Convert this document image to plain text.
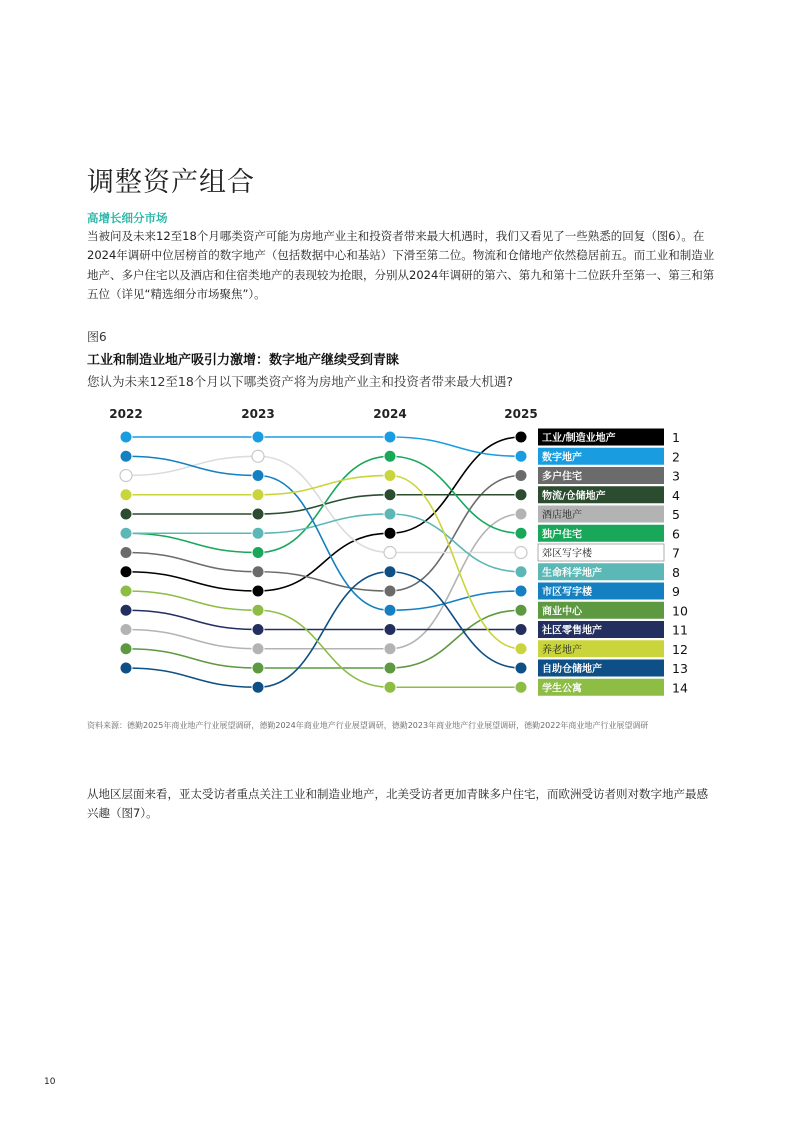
调整资产组合
高增长细分市场
当被问及未来12至18个月哪类资产可能为房地产业主和投资者带来最大机遇时，我们又看见了一些熟悉的回复（图6）。在2024年调研中位居榜首的数字地产（包括数据中心和基站）下滑至第二位。物流和仓储地产依然稳居前五。而工业和制造业地产、多户住宅以及酒店和住宿类地产的表现较为抢眼，分别从2024年调研的第六、第九和第十二位跃升至第一、第三和第五位（详见“精选细分市场聚焦”）。
图6
工业和制造业地产吸引力激增：数字地产继续受到青睐
您认为未来12至18个月以下哪类资产将为房地产业主和投资者带来最大机遇?
2022	2023	2024	2025
工业/制造业地产	1
数字地产	2
多户住宅	3
物流/仓储地产	4
酒店地产	5
独户住宅	6
郊区写字楼	7
生命科学地产	8
市区写字楼	9
商业中心	10
社区零售地产	11
养老地产	12
自助仓储地产	13
学生公寓	14
资料来源：德勤2025年商业地产行业展望调研，德勤2024年商业地产行业展望调研，德勤2023年商业地产行业展望调研，德勤2022年商业地产行业展望调研
从地区层面来看，亚太受访者重点关注工业和制造业地产，北美受访者更加青睐多户住宅，而欧洲受访者则对数字地产最感兴趣（图7）。
10
